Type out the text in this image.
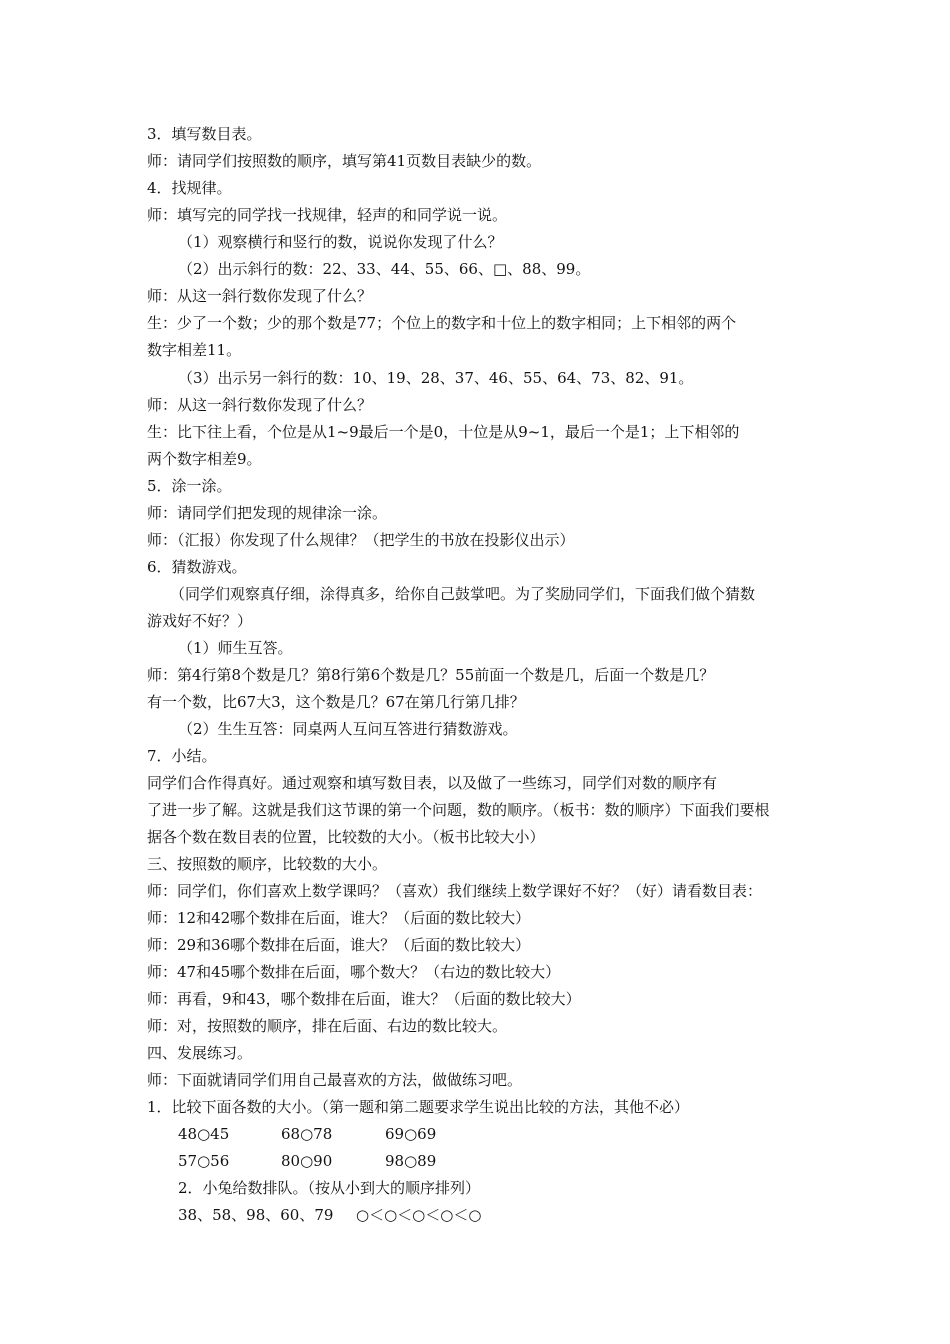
3．填写数目表。
师：请同学们按照数的顺序，填写第41页数目表缺少的数。
4．找规律。
师：填写完的同学找一找规律，轻声的和同学说一说。
（1）观察横行和竖行的数，说说你发现了什么？
（2）出示斜行的数：22、33、44、55、66、□、88、99。
师：从这一斜行数你发现了什么？
生：少了一个数；少的那个数是77；个位上的数字和十位上的数字相同；上下相邻的两个
数字相差11。
（3）出示另一斜行的数：10、19、28、37、46、55、64、73、82、91。
师：从这一斜行数你发现了什么？
生：比下往上看，个位是从1~9最后一个是0，十位是从9~1，最后一个是1；上下相邻的
两个数字相差9。
5．涂一涂。
师：请同学们把发现的规律涂一涂。
师：（汇报）你发现了什么规律？（把学生的书放在投影仪出示）
6．猜数游戏。
（同学们观察真仔细，涂得真多，给你自己鼓掌吧。为了奖励同学们，下面我们做个猜数
游戏好不好？）
（1）师生互答。
师：第4行第8个数是几？第8行第6个数是几？55前面一个数是几，后面一个数是几？
有一个数，比67大3，这个数是几？67在第几行第几排？
（2）生生互答：同桌两人互问互答进行猜数游戏。
7．小结。
同学们合作得真好。通过观察和填写数目表，以及做了一些练习，同学们对数的顺序有
了进一步了解。这就是我们这节课的第一个问题，数的顺序。（板书：数的顺序）下面我们要根
据各个数在数目表的位置，比较数的大小。（板书比较大小）
三、按照数的顺序，比较数的大小。
师：同学们，你们喜欢上数学课吗？（喜欢）我们继续上数学课好不好？（好）请看数目表：
师：12和42哪个数排在后面，谁大？（后面的数比较大）
师：29和36哪个数排在后面，谁大？（后面的数比较大）
师：47和45哪个数排在后面，哪个数大？（右边的数比较大）
师：再看，9和43，哪个数排在后面，谁大？（后面的数比较大）
师：对，按照数的顺序，排在后面、右边的数比较大。
四、发展练习。
师：下面就请同学们用自己最喜欢的方法，做做练习吧。
1．比较下面各数的大小。（第一题和第二题要求学生说出比较的方法，其他不必）
48○45	68○78	69○69
57○56	80○90	98○89
2．小兔给数排队。（按从小到大的顺序排列）
38、58、98、60、79 ○＜○＜○＜○＜○
